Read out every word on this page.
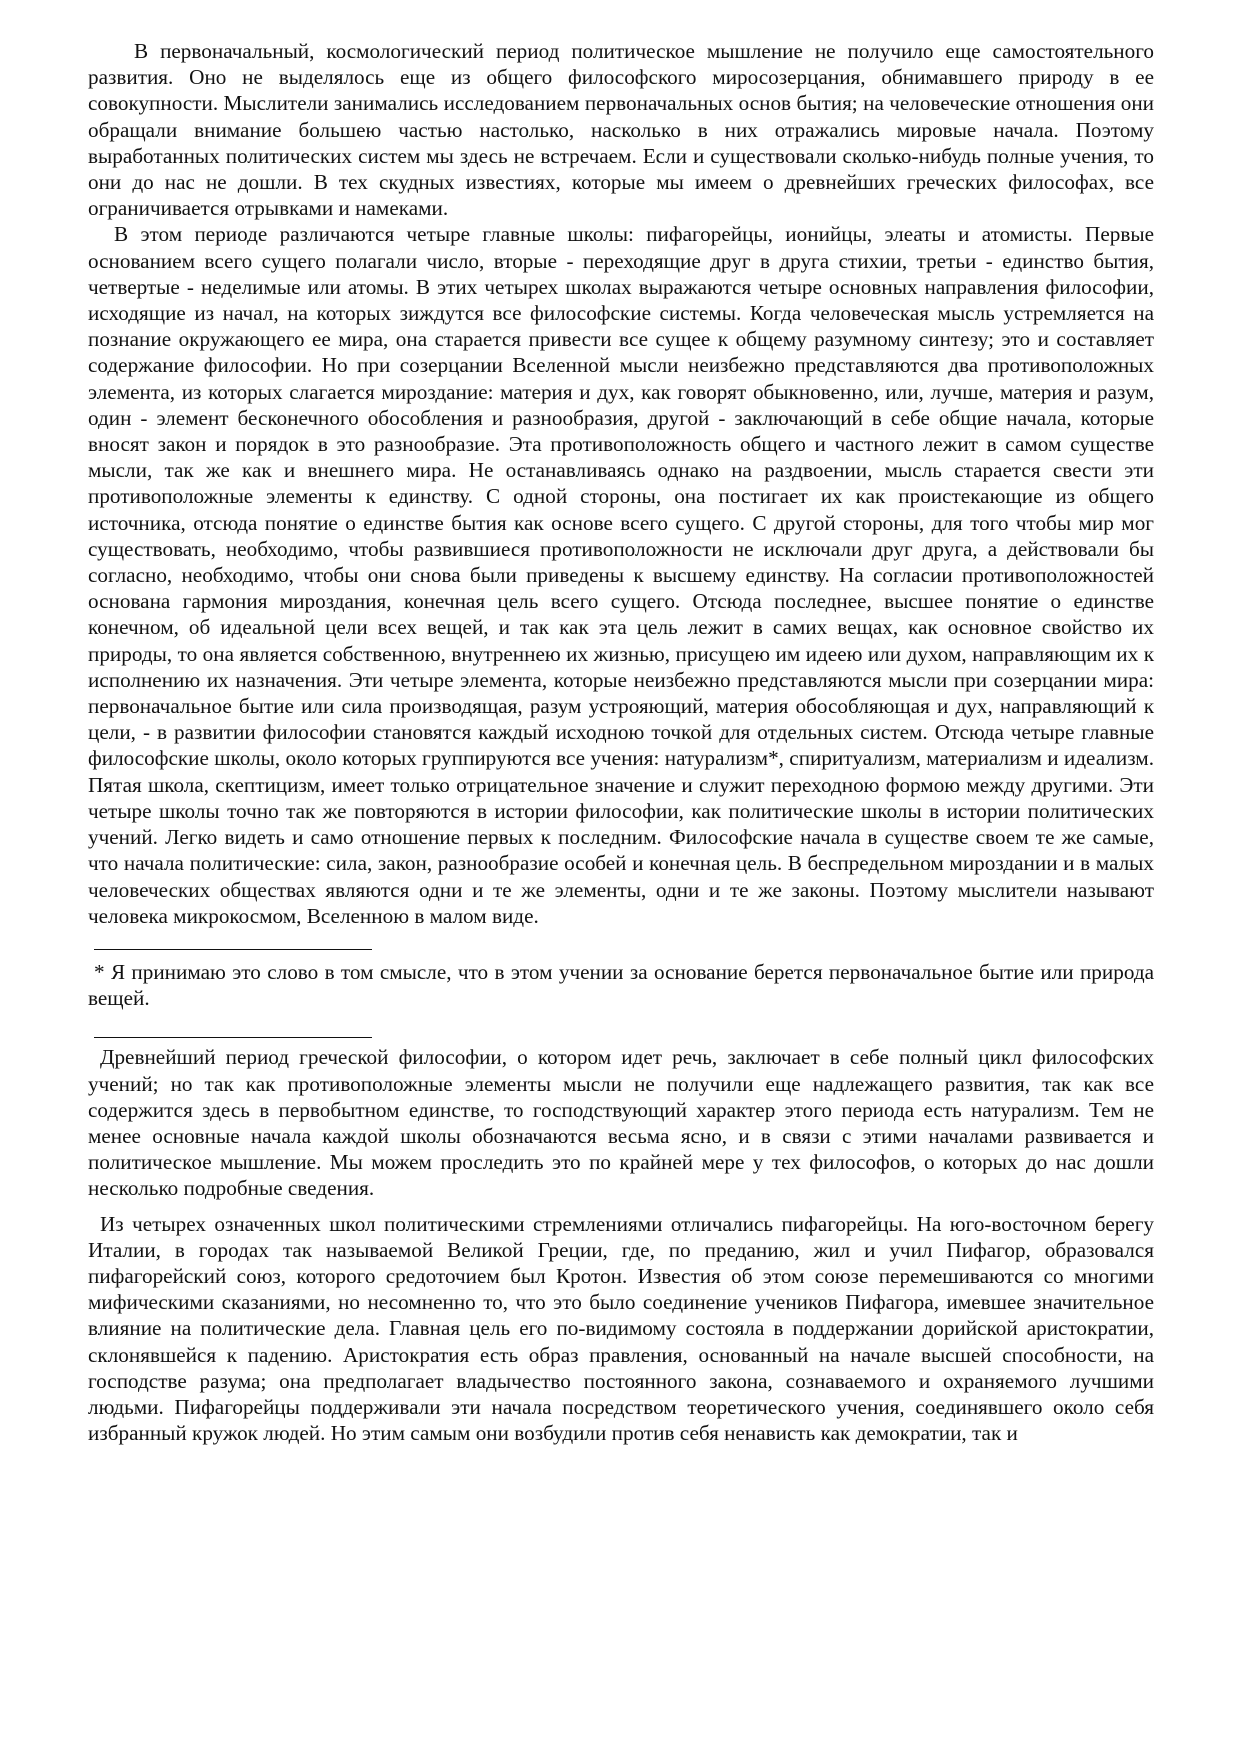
В первоначальный, космологический период политическое мышление не получило еще самостоятельного развития. Оно не выделялось еще из общего философского миросозерцания, обнимавшего природу в ее совокупности. Мыслители занимались исследованием первоначальных основ бытия; на человеческие отношения они обращали внимание большею частью настолько, насколько в них отражались мировые начала. Поэтому выработанных политических систем мы здесь не встречаем. Если и существовали сколько-нибудь полные учения, то они до нас не дошли. В тех скудных известиях, которые мы имеем о древнейших греческих философах, все ограничивается отрывками и намеками.

В этом периоде различаются четыре главные школы: пифагорейцы, ионийцы, элеаты и атомисты. Первые основанием всего сущего полагали число, вторые - переходящие друг в друга стихии, третьи - единство бытия, четвертые - неделимые или атомы. В этих четырех школах выражаются четыре основных направления философии, исходящие из начал, на которых зиждутся все философские системы. Когда человеческая мысль устремляется на познание окружающего ее мира, она старается привести все сущее к общему разумному синтезу; это и составляет содержание философии. Но при созерцании Вселенной мысли неизбежно представляются два противоположных элемента, из которых слагается мироздание: материя и дух, как говорят обыкновенно, или, лучше, материя и разум, один - элемент бесконечного обособления и разнообразия, другой - заключающий в себе общие начала, которые вносят закон и порядок в это разнообразие. Эта противоположность общего и частного лежит в самом существе мысли, так же как и внешнего мира. Не останавливаясь однако на раздвоении, мысль старается свести эти противоположные элементы к единству. С одной стороны, она постигает их как проистекающие из общего источника, отсюда понятие о единстве бытия как основе всего сущего. С другой стороны, для того чтобы мир мог существовать, необходимо, чтобы развившиеся противоположности не исключали друг друга, а действовали бы согласно, необходимо, чтобы они снова были приведены к высшему единству. На согласии противоположностей основана гармония мироздания, конечная цель всего сущего. Отсюда последнее, высшее понятие о единстве конечном, об идеальной цели всех вещей, и так как эта цель лежит в самих вещах, как основное свойство их природы, то она является собственною, внутреннею их жизнью, присущею им идеею или духом, направляющим их к исполнению их назначения. Эти четыре элемента, которые неизбежно представляются мысли при созерцании мира: первоначальное бытие или сила производящая, разум устрояющий, материя обособляющая и дух, направляющий к цели, - в развитии философии становятся каждый исходною точкой для отдельных систем. Отсюда четыре главные философские школы, около которых группируются все учения: натурализм*, спиритуализм, материализм и идеализм. Пятая школа, скептицизм, имеет только отрицательное значение и служит переходною формою между другими. Эти четыре школы точно так же повторяются в истории философии, как политические школы в истории политических учений. Легко видеть и само отношение первых к последним. Философские начала в существе своем те же самые, что начала политические: сила, закон, разнообразие особей и конечная цель. В беспредельном мироздании и в малых человеческих обществах являются одни и те же элементы, одни и те же законы. Поэтому мыслители называют человека микрокосмом, Вселенною в малом виде.

* Я принимаю это слово в том смысле, что в этом учении за основание берется первоначальное бытие или природа вещей.

Древнейший период греческой философии, о котором идет речь, заключает в себе полный цикл философских учений; но так как противоположные элементы мысли не получили еще надлежащего развития, так как все содержится здесь в первобытном единстве, то господствующий характер этого периода есть натурализм. Тем не менее основные начала каждой школы обозначаются весьма ясно, и в связи с этими началами развивается и политическое мышление. Мы можем проследить это по крайней мере у тех философов, о которых до нас дошли несколько подробные сведения.

Из четырех означенных школ политическими стремлениями отличались пифагорейцы. На юго-восточном берегу Италии, в городах так называемой Великой Греции, где, по преданию, жил и учил Пифагор, образовался пифагорейский союз, которого средоточием был Кротон. Известия об этом союзе перемешиваются со многими мифическими сказаниями, но несомненно то, что это было соединение учеников Пифагора, имевшее значительное влияние на политические дела. Главная цель его по-видимому состояла в поддержании дорийской аристократии, склонявшейся к падению. Аристократия есть образ правления, основанный на начале высшей способности, на господстве разума; она предполагает владычество постоянного закона, сознаваемого и охраняемого лучшими людьми. Пифагорейцы поддерживали эти начала посредством теоретического учения, соединявшего около себя избранный кружок людей. Но этим самым они возбудили против себя ненависть как демократии, так и
